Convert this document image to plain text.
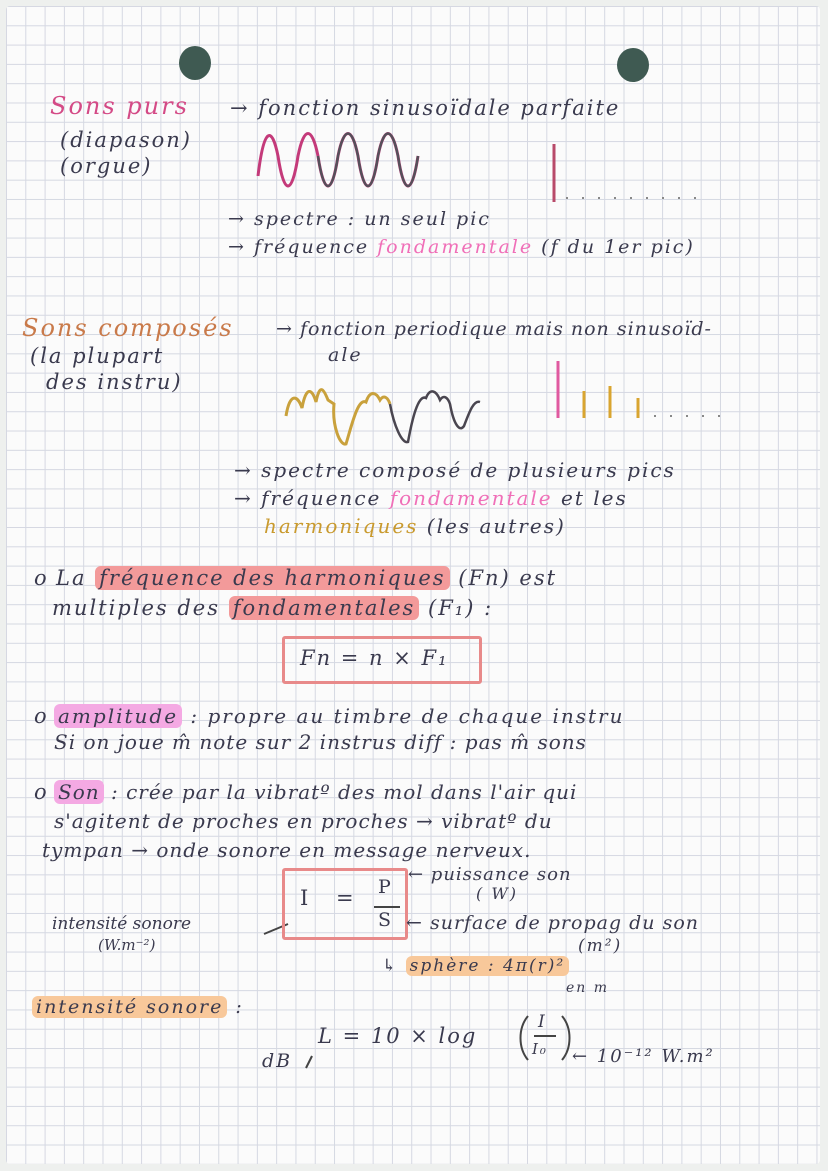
Sons purs → fonction sinusoïdale parfaite
(diapason)
(orgue)
→ spectre : un seul pic
→ fréquence fondamentale (f du 1er pic)
Sons composés → fonction periodique mais non sinusoïd-
ale
(la plupart
des instru)
→ spectre composé de plusieurs pics
→ fréquence fondamentale et les
harmoniques (les autres)
o La fréquence des harmoniques (Fn) est
multiples des fondamentales (F₁) :
Fn = n × F₁
o amplitude : propre au timbre de chaque instru
Si on joue m̂ note sur 2 instrus diff : pas m̂ sons
o Son : crée par la vibratº des mol dans l'air qui
s'agitent de proches en proches → vibratº du
tympan → onde sonore en message nerveux.
I = P
S
← puissance son
( W)
← surface de propag du son
(m²)
intensité sonore
(W.m⁻²)
↳ sphère : 4π(r)²
en m
intensité sonore :
L = 10 × log
I
I₀ ← 10⁻¹² W.m²
dB
